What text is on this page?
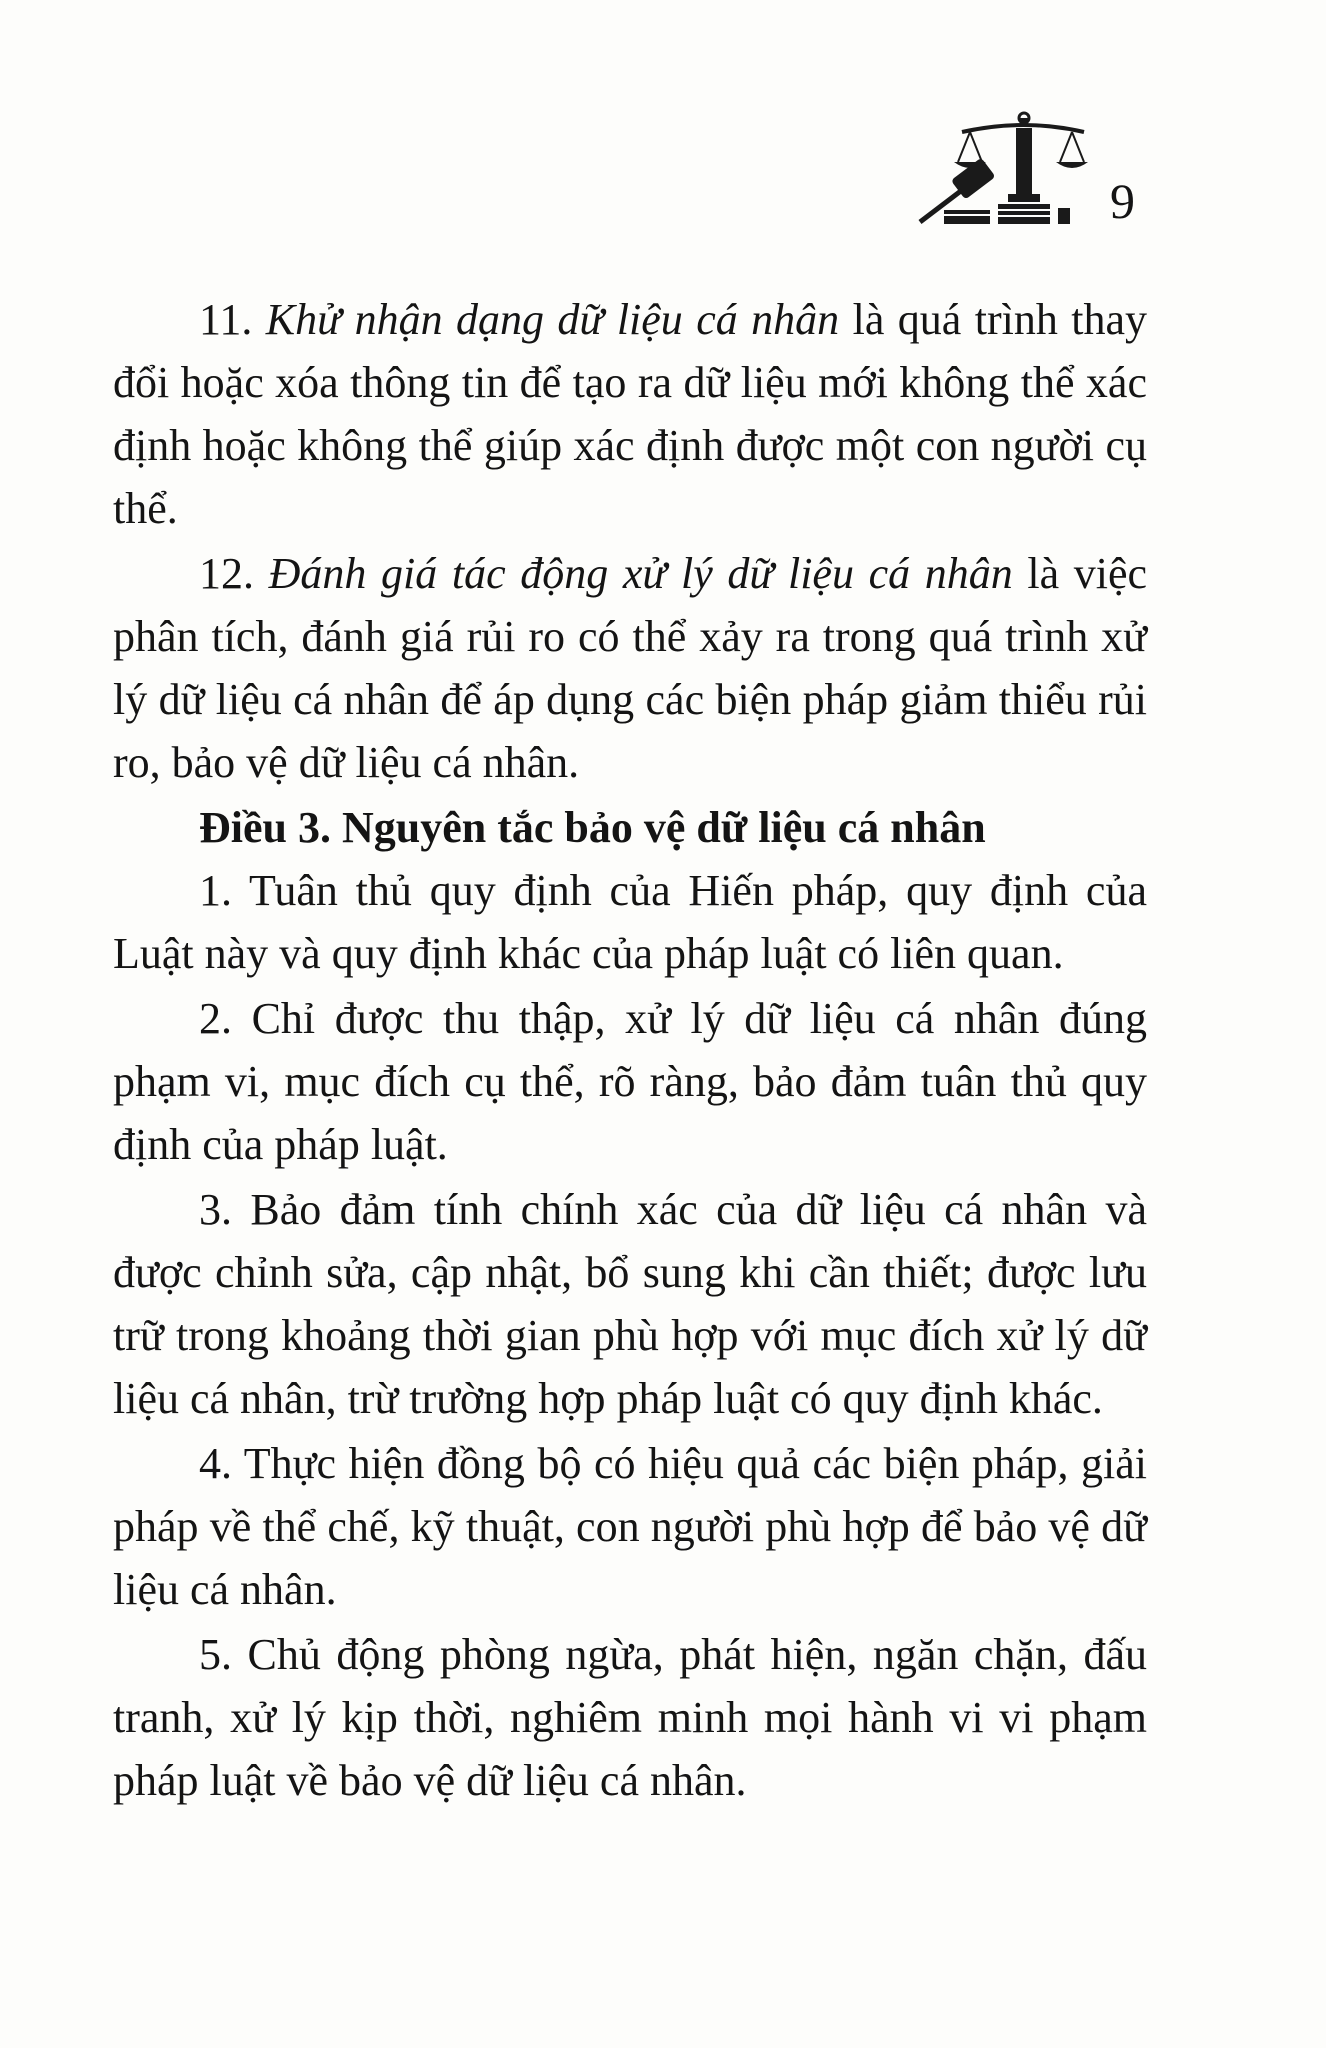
9

11. Khử nhận dạng dữ liệu cá nhân là quá trình thay đổi hoặc xóa thông tin để tạo ra dữ liệu mới không thể xác định hoặc không thể giúp xác định được một con người cụ thể.

12. Đánh giá tác động xử lý dữ liệu cá nhân là việc phân tích, đánh giá rủi ro có thể xảy ra trong quá trình xử lý dữ liệu cá nhân để áp dụng các biện pháp giảm thiểu rủi ro, bảo vệ dữ liệu cá nhân.

Điều 3. Nguyên tắc bảo vệ dữ liệu cá nhân

1. Tuân thủ quy định của Hiến pháp, quy định của Luật này và quy định khác của pháp luật có liên quan.

2. Chỉ được thu thập, xử lý dữ liệu cá nhân đúng phạm vi, mục đích cụ thể, rõ ràng, bảo đảm tuân thủ quy định của pháp luật.

3. Bảo đảm tính chính xác của dữ liệu cá nhân và được chỉnh sửa, cập nhật, bổ sung khi cần thiết; được lưu trữ trong khoảng thời gian phù hợp với mục đích xử lý dữ liệu cá nhân, trừ trường hợp pháp luật có quy định khác.

4. Thực hiện đồng bộ có hiệu quả các biện pháp, giải pháp về thể chế, kỹ thuật, con người phù hợp để bảo vệ dữ liệu cá nhân.

5. Chủ động phòng ngừa, phát hiện, ngăn chặn, đấu tranh, xử lý kịp thời, nghiêm minh mọi hành vi vi phạm pháp luật về bảo vệ dữ liệu cá nhân.
